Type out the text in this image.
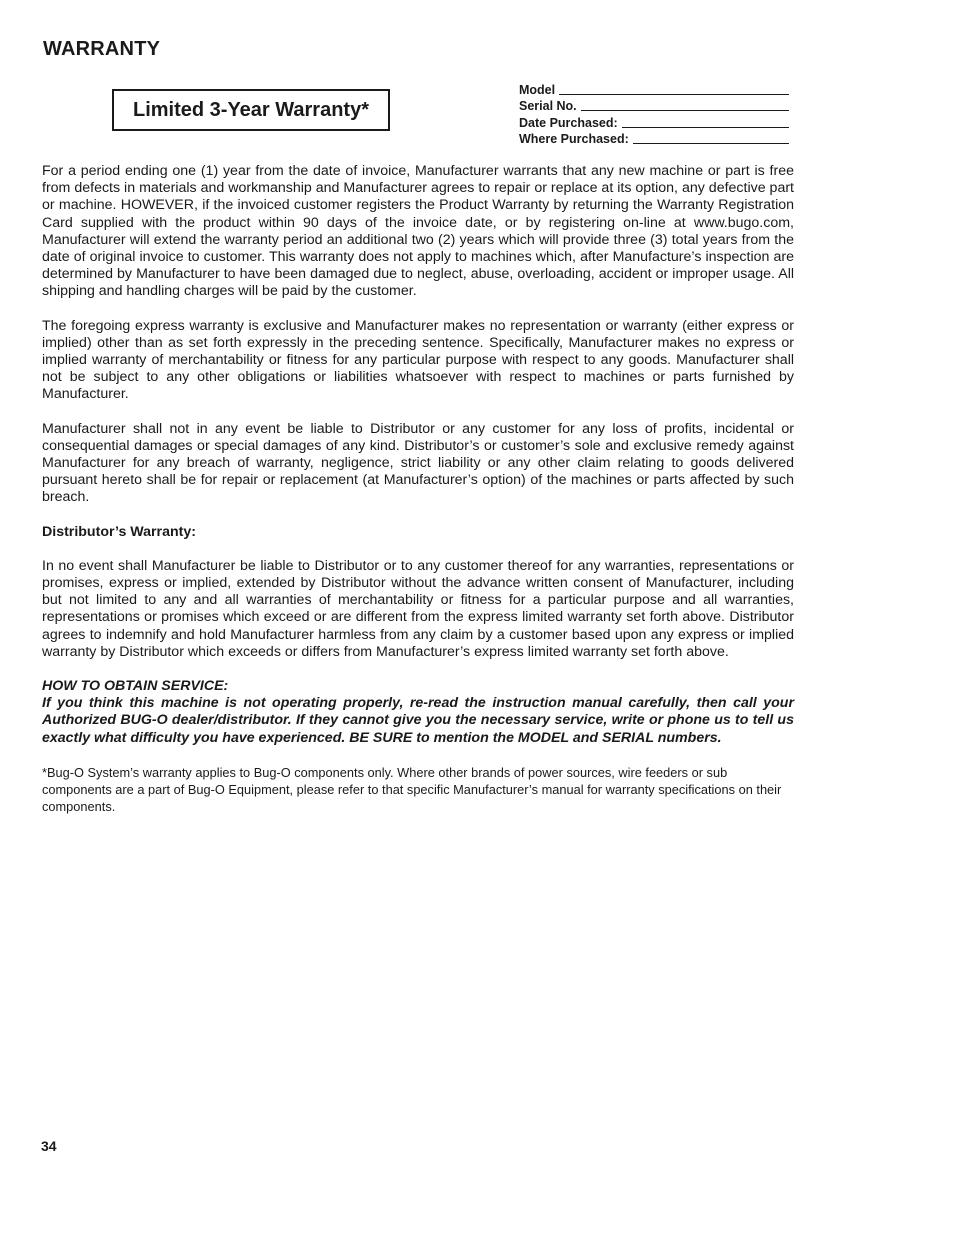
WARRANTY
Limited 3-Year Warranty*
Model
Serial No.
Date Purchased:
Where Purchased:

For a period ending one (1) year from the date of invoice, Manufacturer warrants that any new machine or part is free from defects in materials and workmanship and Manufacturer agrees to repair or replace at its option, any defective part or machine. HOWEVER, if the invoiced customer registers the Product Warranty by returning the Warranty Registration Card supplied with the product within 90 days of the invoice date, or by registering on-line at www.bugo.com, Manufacturer will extend the warranty period an additional two (2) years which will provide three (3) total years from the date of original invoice to customer. This warranty does not apply to machines which, after Manufacture’s inspection are determined by Manufacturer to have been damaged due to neglect, abuse, overloading, accident or improper usage. All shipping and handling charges will be paid by the customer.

The foregoing express warranty is exclusive and Manufacturer makes no representation or warranty (either express or implied) other than as set forth expressly in the preceding sentence. Specifically, Manufacturer makes no express or implied warranty of merchantability or fitness for any particular purpose with respect to any goods. Manufacturer shall not be subject to any other obligations or liabilities whatsoever with respect to machines or parts furnished by Manufacturer.

Manufacturer shall not in any event be liable to Distributor or any customer for any loss of profits, incidental or consequential damages or special damages of any kind. Distributor’s or customer’s sole and exclusive remedy against Manufacturer for any breach of warranty, negligence, strict liability or any other claim relating to goods delivered pursuant hereto shall be for repair or replacement (at Manufacturer’s option) of the machines or parts affected by such breach.

Distributor’s Warranty:

In no event shall Manufacturer be liable to Distributor or to any customer thereof for any warranties, representations or promises, express or implied, extended by Distributor without the advance written consent of Manufacturer, including but not limited to any and all warranties of merchantability or fitness for a particular purpose and all warranties, representations or promises which exceed or are different from the express limited warranty set forth above. Distributor agrees to indemnify and hold Manufacturer harmless from any claim by a customer based upon any express or implied warranty by Distributor which exceeds or differs from Manufacturer’s express limited warranty set forth above.

HOW TO OBTAIN SERVICE:

If you think this machine is not operating properly, re-read the instruction manual carefully, then call your Authorized BUG-O dealer/distributor. If they cannot give you the necessary service, write or phone us to tell us exactly what difficulty you have experienced. BE SURE to mention the MODEL and SERIAL numbers.

*Bug-O System’s warranty applies to Bug-O components only. Where other brands of power sources, wire feeders or sub components are a part of Bug-O Equipment, please refer to that specific Manufacturer’s manual for warranty specifications on their components.

34
